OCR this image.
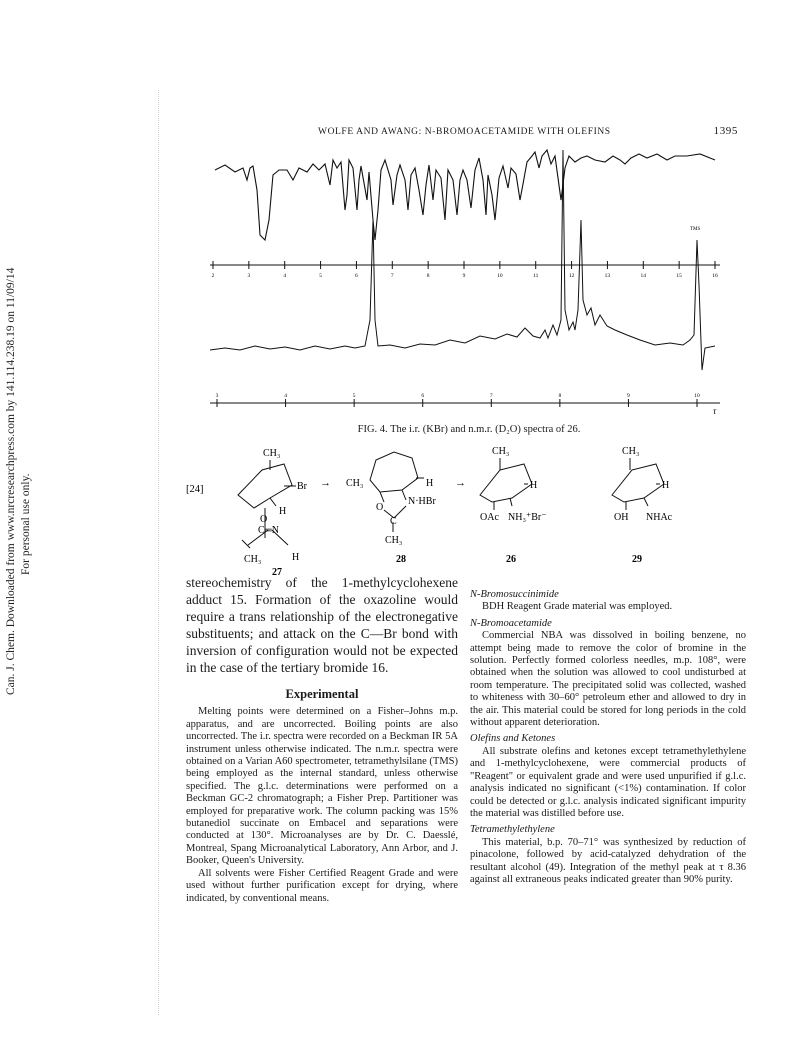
Can. J. Chem. Downloaded from www.nrcresearchpress.com by 141.114.238.19 on 11/09/14 For personal use only.
WOLFE AND AWANG: N-BROMOACETAMIDE WITH OLEFINS	1395
TMS
2	3	4	5	6	7	8	9	10	11	12	13	14	15	16
3	4	5	6	7	8	9	10
τ
FIG. 4. The i.r. (KBr) and n.m.r. (D₂O) spectra of 26.
[24]
CH₃
Br
H
O
C═N
CH₃	H
27
→ CH₃	H
O
N·HBr
C
CH₃
28
→
CH₃
H
OAc NH₃⁺Br⁻
26
CH₃
H
OH NHAc
29

stereochemistry of the 1-methylcyclohexene adduct 15. Formation of the oxazoline would require a trans relationship of the electronegative substituents; and attack on the C—Br bond with inversion of configuration would not be expected in the case of the tertiary bromide 16.

Experimental

Melting points were determined on a Fisher–Johns m.p. apparatus, and are uncorrected. Boiling points are also uncorrected. The i.r. spectra were recorded on a Beckman IR 5A instrument unless otherwise indicated. The n.m.r. spectra were obtained on a Varian A60 spectrometer, tetramethylsilane (TMS) being employed as the internal standard, unless otherwise specified. The g.l.c. determinations were performed on a Beckman GC-2 chromatograph; a Fisher Prep. Partitioner was employed for preparative work. The column packing was 15% butanediol succinate on Embacel and separations were conducted at 130°. Microanalyses are by Dr. C. Daesslé, Montreal, Spang Microanalytical Laboratory, Ann Arbor, and J. Booker, Queen's University.

All solvents were Fisher Certified Reagent Grade and were used without further purification except for drying, where indicated, by conventional means.

N-Bromosuccinimide

BDH Reagent Grade material was employed.

N-Bromoacetamide

Commercial NBA was dissolved in boiling benzene, no attempt being made to remove the color of bromine in the solution. Perfectly formed colorless needles, m.p. 108°, were obtained when the solution was allowed to cool undisturbed at room temperature. The precipitated solid was collected, washed to whiteness with 30–60° petroleum ether and allowed to dry in the air. This material could be stored for long periods in the cold without apparent deterioration.

Olefins and Ketones

All substrate olefins and ketones except tetramethylethylene and 1-methylcyclohexene, were commercial products of "Reagent" or equivalent grade and were used unpurified if g.l.c. analysis indicated no significant (<1%) contamination. If color could be detected or g.l.c. analysis indicated significant impurity the material was distilled before use.

Tetramethylethylene

This material, b.p. 70–71° was synthesized by reduction of pinacolone, followed by acid-catalyzed dehydration of the resultant alcohol (49). Integration of the methyl peak at τ 8.36 against all extraneous peaks indicated greater than 90% purity.
